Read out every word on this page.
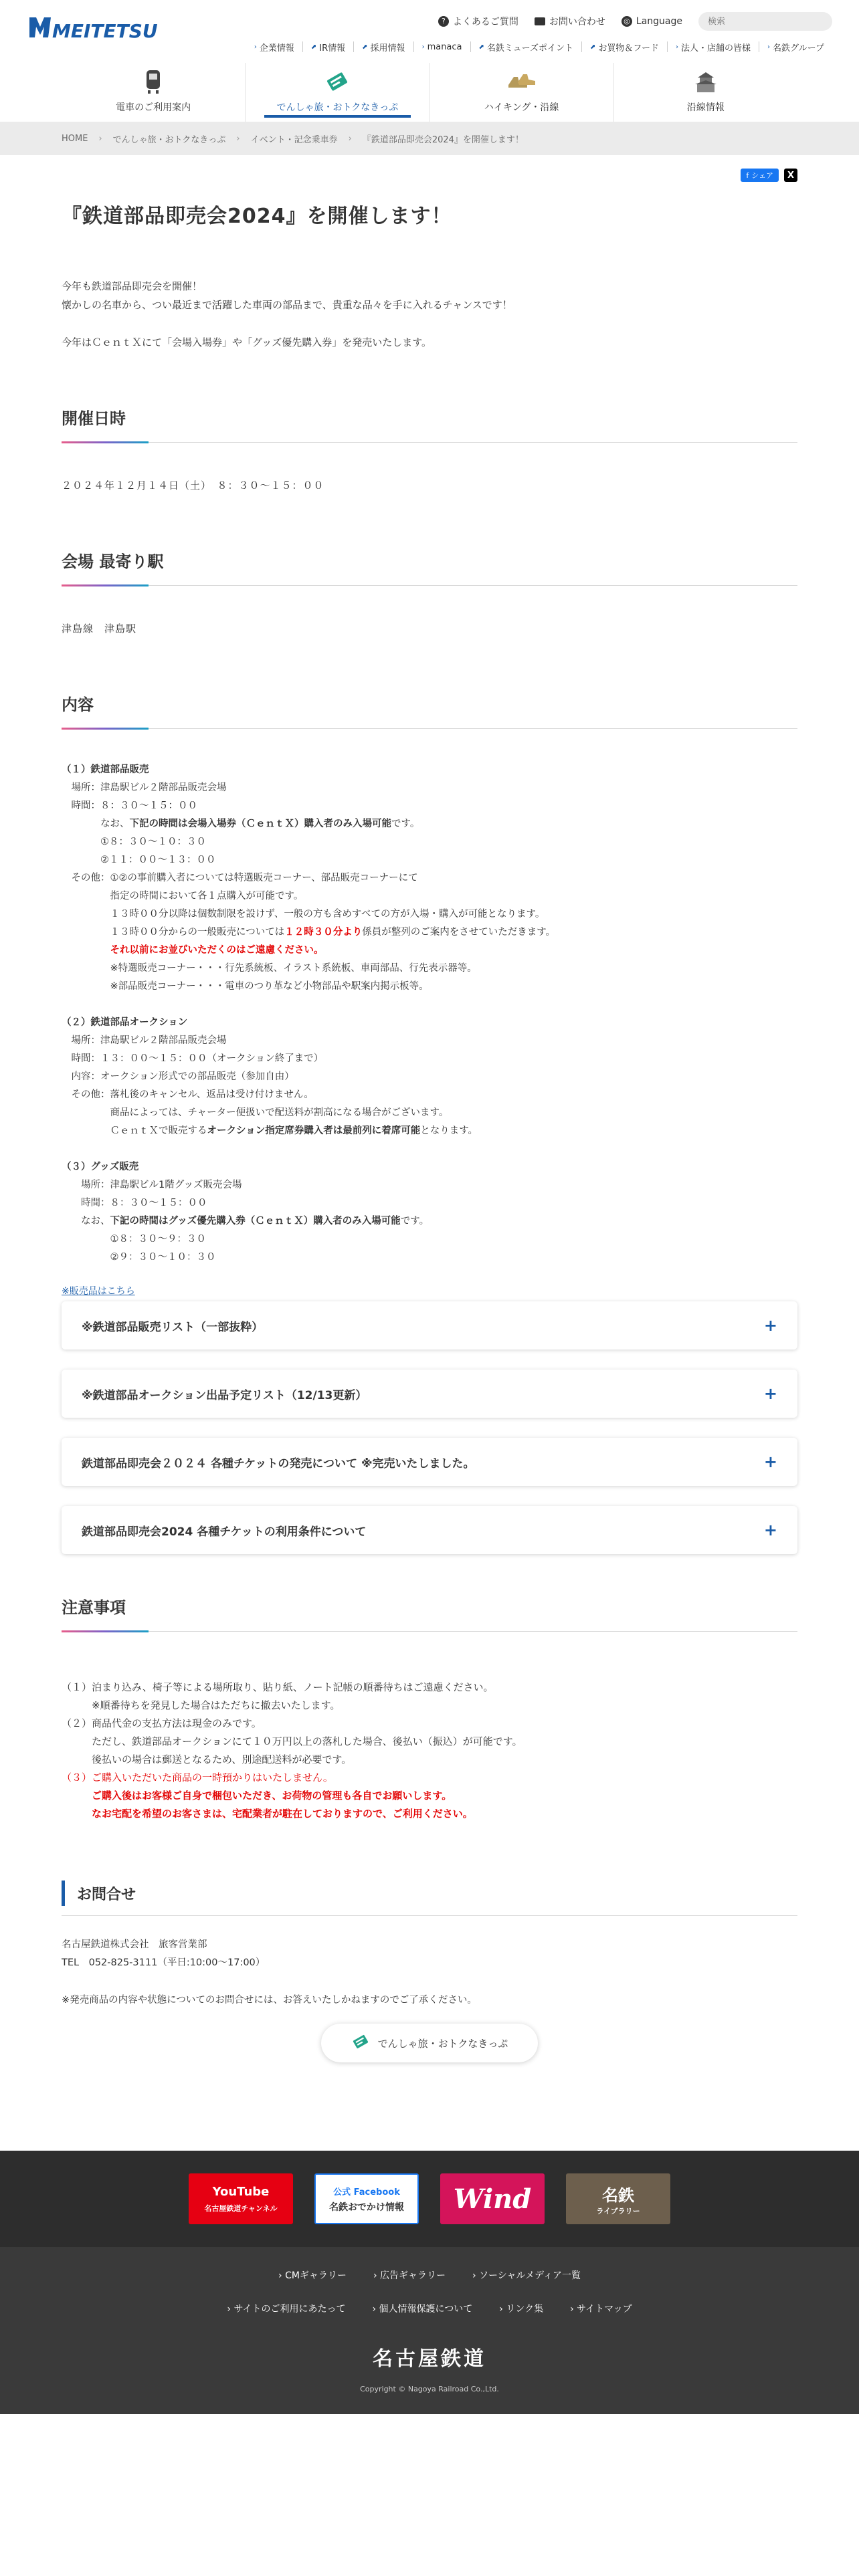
MEITETSU	? よくあるご質問	お問い合わせ ◎ Language
検索
› 企業情報	⬈ IR情報	⬈ 採用情報	› manaca	⬈ 名鉄ミューズポイント	⬈ お買物＆フード	› 法人・店舗の皆様	› 名鉄グループ
電車のご利用案内	でんしゃ旅・おトクなきっぷ	ハイキング・沿線	沿線情報
HOME › でんしゃ旅・おトクなきっぷ › イベント・記念乗車券 › 『鉄道部品即売会2024』を開催します！
f シェア	X
『鉄道部品即売会2024』を開催します！

今年も鉄道部品即売会を開催！
懐かしの名車から、つい最近まで活躍した車両の部品まで、貴重な品々を手に入れるチャンスです！

今年はＣｅｎｔＸにて「会場入場券」や「グッズ優先購入券」を発売いたします。

開催日時
２０２４年１２月１４日（土）　８：３０～１５：００
会場 最寄り駅
津島線　津島駅
内容
（１）鉄道部品販売
　場所：津島駅ビル２階部品販売会場
　時間：８：３０～１５：００
　　　　なお、下記の時間は会場入場券（ＣｅｎｔＸ）購入者のみ入場可能です。
　　　　①８：３０～１０：３０
　　　　②１１：００～１３：００
　その他：①②の事前購入者については特選販売コーナー、部品販売コーナーにて
　　　　　指定の時間において各１点購入が可能です。
　　　　　１３時００分以降は個数制限を設けず、一般の方も含めすべての方が入場・購入が可能となります。
　　　　　１３時００分からの一般販売については１２時３０分より係員が整列のご案内をさせていただきます。
　　　　　それ以前にお並びいただくのはご遠慮ください。
　　　　　※特選販売コーナー・・・行先系統板、イラスト系統板、車両部品、行先表示器等。
　　　　　※部品販売コーナー・・・電車のつり革など小物部品や駅案内掲示板等。
（２）鉄道部品オークション
　場所：津島駅ビル２階部品販売会場
　時間：１３：００～１５：００（オークション終了まで）
　内容：オークション形式での部品販売（参加自由）
　その他：落札後のキャンセル、返品は受け付けません。
　　　　　商品によっては、チャーター便扱いで配送料が割高になる場合がございます。
　　　　　ＣｅｎｔＸで販売するオークション指定席券購入者は最前列に着席可能となります。
（３）グッズ販売
　　場所：津島駅ビル1階グッズ販売会場
　　時間：８：３０～１５：００
　　なお、下記の時間はグッズ優先購入券（ＣｅｎｔＸ）購入者のみ入場可能です。
　　　　　①８：３０～９：３０
　　　　　②９：３０～１０：３０
※販売品はこちら
※鉄道部品販売リスト（一部抜粋）	+
※鉄道部品オークション出品予定リスト（12/13更新）	+
鉄道部品即売会２０２４ 各種チケットの発売について ※完売いたしました。	+
鉄道部品即売会2024 各種チケットの利用条件について	+
注意事項
（１）泊まり込み、椅子等による場所取り、貼り紙、ノート記帳の順番待ちはご遠慮ください。
　　　※順番待ちを発見した場合はただちに撤去いたします。
（２）商品代金の支払方法は現金のみです。
　　　ただし、鉄道部品オークションにて１０万円以上の落札した場合、後払い（振込）が可能です。
　　　後払いの場合は郵送となるため、別途配送料が必要です。
（３）ご購入いただいた商品の一時預かりはいたしません。
　　　ご購入後はお客様ご自身で梱包いただき、お荷物の管理も各自でお願いします。
　　　なお宅配を希望のお客さまは、宅配業者が駐在しておりますので、ご利用ください。
お問合せ
名古屋鉄道株式会社　旅客営業部
TEL　052-825-3111（平日:10:00～17:00）
※発売商品の内容や状態についてのお問合せには、お答えいたしかねますのでご了承ください。
でんしゃ旅・おトクなきっぷ
YouTube
名古屋鉄道チャンネル
公式 Facebook
名鉄おでかけ情報	Wind	名鉄
ライブラリー
› CMギャラリー	› 広告ギャラリー	› ソーシャルメディア一覧
› サイトのご利用にあたって	› 個人情報保護について	› リンク集	› サイトマップ
名古屋鉄道
Copyright © Nagoya Railroad Co.,Ltd.
